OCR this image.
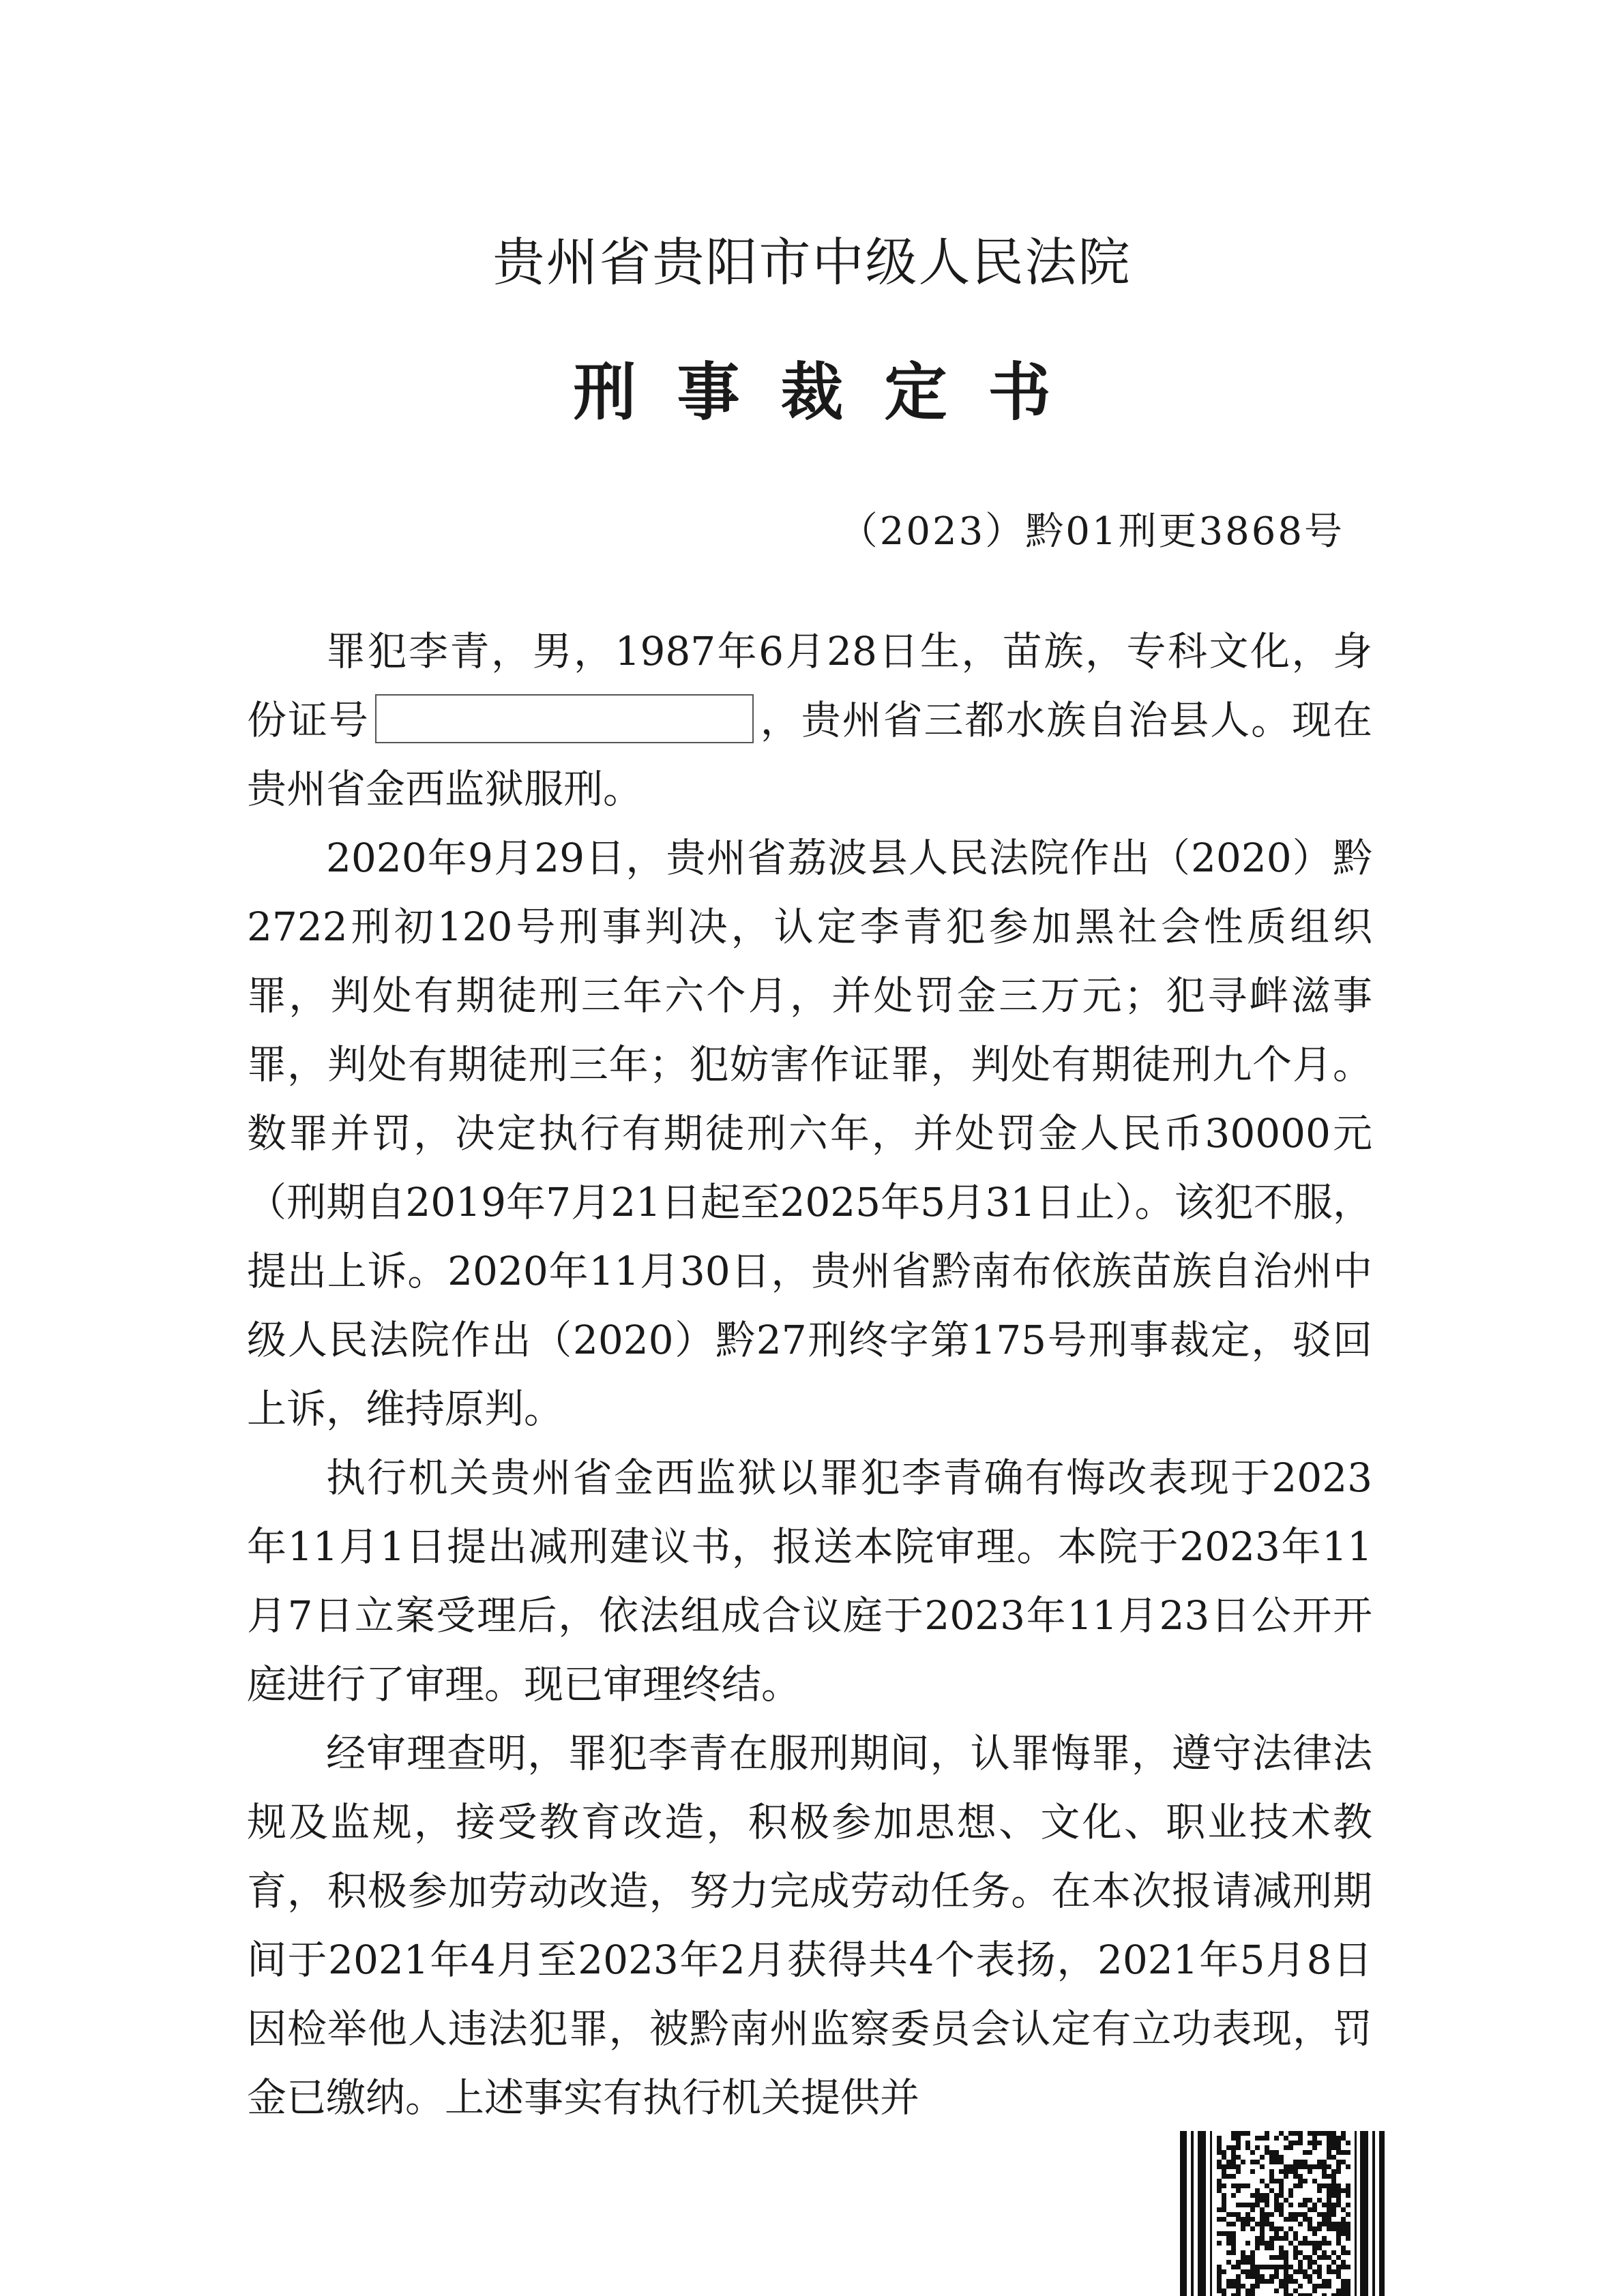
贵州省贵阳市中级人民法院
刑 事 裁 定 书
（2023）黔01刑更3868号

罪犯李青，男，1987年6月28日生，苗族，专科文化，身份证号	，贵州省三都水族自治县人。现在贵州省金西监狱服刑。

2020年9月29日，贵州省荔波县人民法院作出（2020）黔2722刑初120号刑事判决，认定李青犯参加黑社会性质组织罪，判处有期徒刑三年六个月，并处罚金三万元；犯寻衅滋事罪，判处有期徒刑三年；犯妨害作证罪，判处有期徒刑九个月。数罪并罚，决定执行有期徒刑六年，并处罚金人民币30000元（刑期自2019年7月21日起至2025年5月31日止）。该犯不服，提出上诉。2020年11月30日，贵州省黔南布依族苗族自治州中级人民法院作出（2020）黔27刑终字第175号刑事裁定，驳回上诉，维持原判。

执行机关贵州省金西监狱以罪犯李青确有悔改表现于2023年11月1日提出减刑建议书，报送本院审理。本院于2023年11月7日立案受理后，依法组成合议庭于2023年11月23日公开开庭进行了审理。现已审理终结。

经审理查明，罪犯李青在服刑期间，认罪悔罪，遵守法律法规及监规，接受教育改造，积极参加思想、文化、职业技术教育，积极参加劳动改造，努力完成劳动任务。在本次报请减刑期间于2021年4月至2023年2月获得共4个表扬，2021年5月8日因检举他人违法犯罪，被黔南州监察委员会认定有立功表现，罚金已缴纳。上述事实有执行机关提供并
